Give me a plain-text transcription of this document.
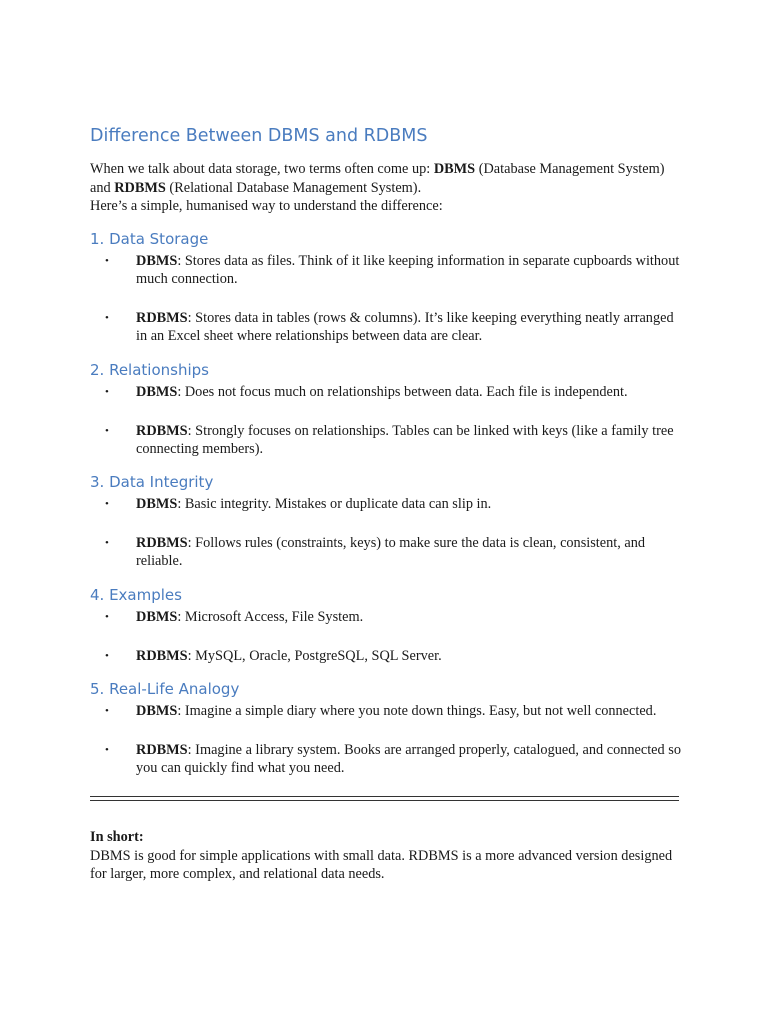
Difference Between DBMS and RDBMS

When we talk about data storage, two terms often come up: DBMS (Database Management System) and RDBMS (Relational Database Management System).

Here’s a simple, humanised way to understand the difference:

1. Data Storage
• DBMS: Stores data as files. Think of it like keeping information in separate cupboards without much connection.
• RDBMS: Stores data in tables (rows & columns). It’s like keeping everything neatly arranged in an Excel sheet where relationships between data are clear.
2. Relationships
• DBMS: Does not focus much on relationships between data. Each file is independent.
• RDBMS: Strongly focuses on relationships. Tables can be linked with keys (like a family tree connecting members).
3. Data Integrity
• DBMS: Basic integrity. Mistakes or duplicate data can slip in.
• RDBMS: Follows rules (constraints, keys) to make sure the data is clean, consistent, and reliable.
4. Examples
• DBMS: Microsoft Access, File System.
• RDBMS: MySQL, Oracle, PostgreSQL, SQL Server.
5. Real-Life Analogy
• DBMS: Imagine a simple diary where you note down things. Easy, but not well connected.
• RDBMS: Imagine a library system. Books are arranged properly, catalogued, and connected so you can quickly find what you need.

In short:

DBMS is good for simple applications with small data. RDBMS is a more advanced version designed for larger, more complex, and relational data needs.
